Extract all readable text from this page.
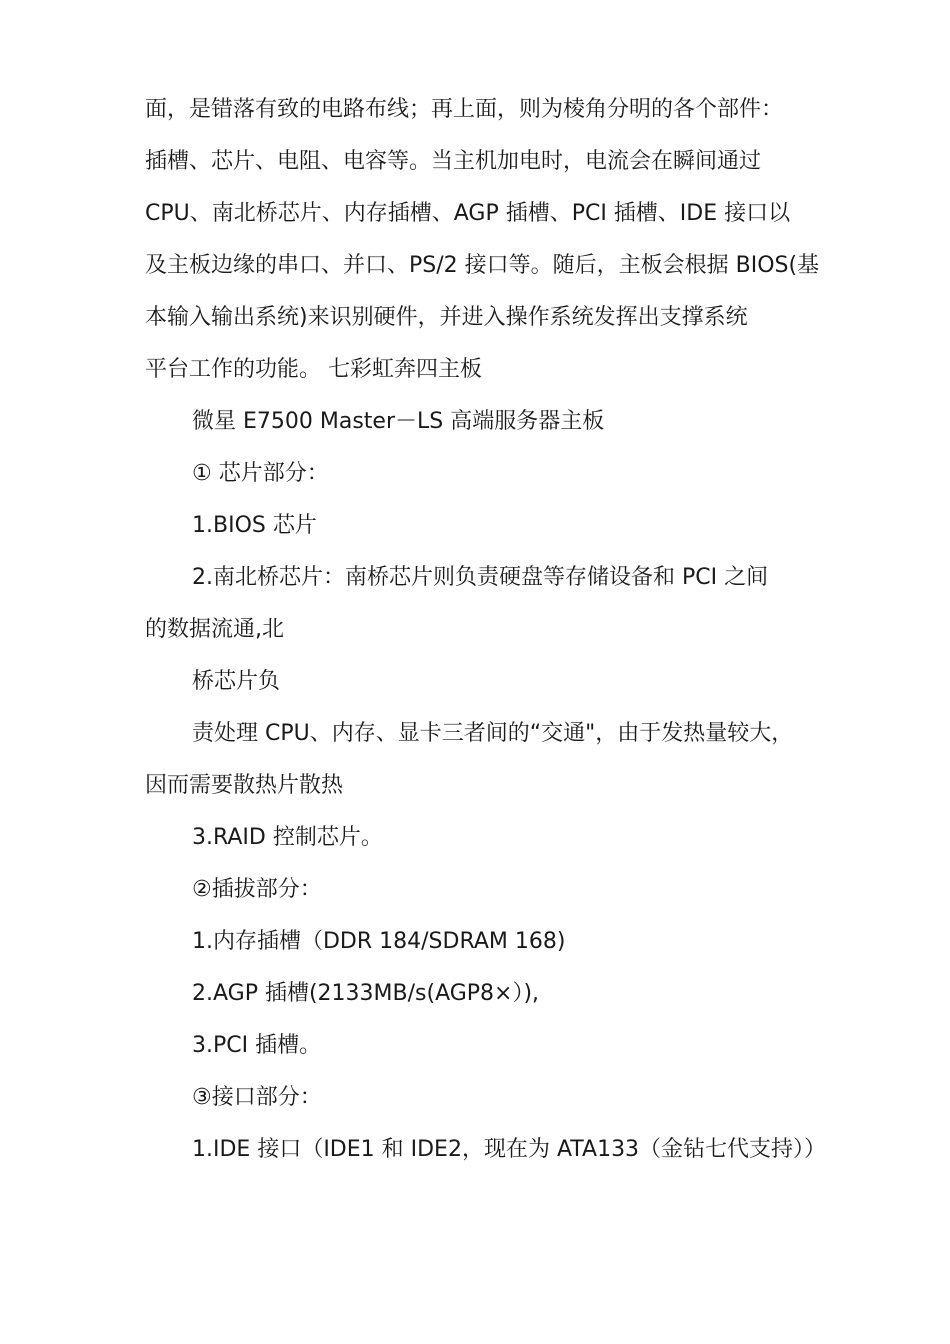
面，是错落有致的电路布线；再上面，则为棱角分明的各个部件：

插槽、芯片、电阻、电容等。当主机加电时，电流会在瞬间通过

CPU、南北桥芯片、内存插槽、AGP 插槽、PCI 插槽、IDE 接口以

及主板边缘的串口、并口、PS/2 接口等。随后，主板会根据 BIOS(基

本输入输出系统)来识别硬件，并进入操作系统发挥出支撑系统

平台工作的功能。 七彩虹奔四主板

微星 E7500 Master－LS 高端服务器主板

① 芯片部分：

1.BIOS 芯片

2.南北桥芯片：南桥芯片则负责硬盘等存储设备和 PCI 之间

的数据流通,北

桥芯片负

责处理 CPU、内存、显卡三者间的“交通"，由于发热量较大，

因而需要散热片散热

3.RAID 控制芯片。

②插拔部分：

1.内存插槽（DDR 184/SDRAM 168)

2.AGP 插槽(2133MB/s(AGP8×）),

3.PCI 插槽。

③接口部分：

1.IDE 接口（IDE1 和 IDE2，现在为 ATA133（金钻七代支持））
